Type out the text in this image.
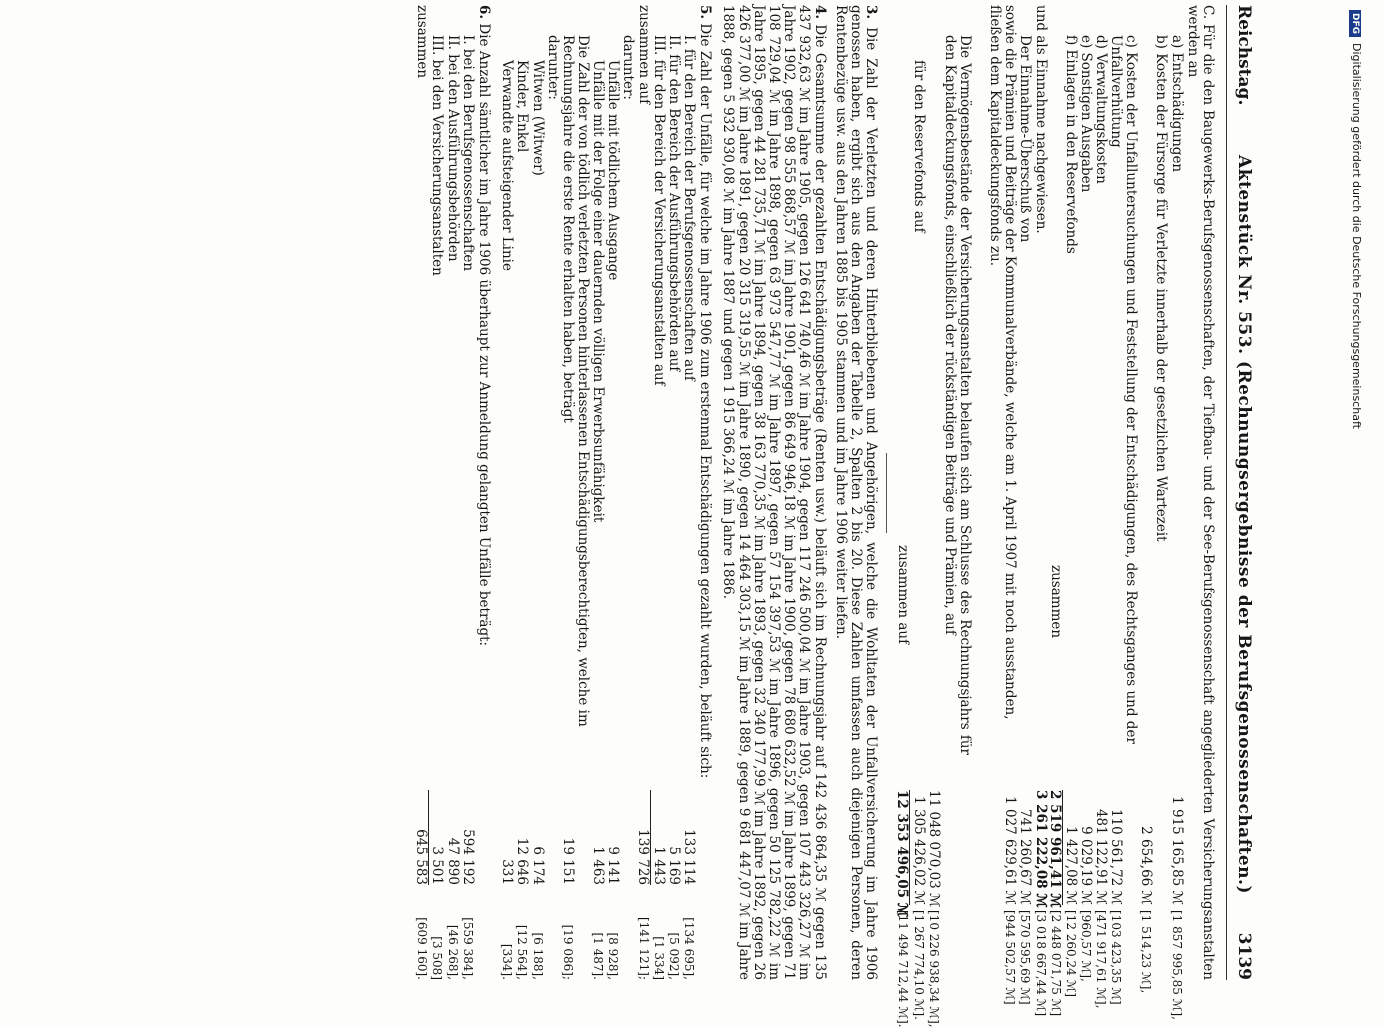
Reichstag.
Aktenstück Nr. 553. (Rechnungsergebnisse der Berufsgenossenschaften.)
3139

C. Für die den Baugewerks-Berufsgenossenschaften, der Tiefbau- und der See-Berufsgenossenschaft angegliederten Versicherungsanstalten werden an

a) Entschädigungen
1 915 165,85 ℳ
[1 857 995,85 ℳ],
b) Kosten der Fürsorge für Verletzte innerhalb der gesetzlichen Wartezeit
2 654,66 ℳ
[1 514,23 ℳ],
c) Kosten der Unfalluntersuchungen und Feststellung der Entschädigungen, des Rechtsganges und der Unfallverhütung
110 561,72 ℳ
[103 423,35 ℳ]
d) Verwaltungskosten
481 122,91 ℳ
[471 917,61 ℳ],
e) Sonstigen Ausgaben
9 029,19 ℳ
[960,57 ℳ],
f) Einlagen in den Reservefonds
1 427,08 ℳ
[12 260,24 ℳ]
zusammen
2 519 961,41 ℳ
[2 448 071,75 ℳ]
und als Einnahme nachgewiesen.
3 261 222,08 ℳ
[3 018 667,44 ℳ]
Der Einnahme-Überschuß von
741 260,67 ℳ
[570 595,69 ℳ]
sowie die Prämien und Beiträge der Kommunalverbände, welche am 1. April 1907 mit noch ausstanden, fließen dem Kapitaldeckungsfonds zu.
1 027 629,61 ℳ
[944 502,57 ℳ]

Die Vermögensbestände der Versicherungsanstalten belaufen sich am Schlusse des Rechnungsjahrs für den Kapitaldeckungsfonds, einschließlich der rückständigen Beiträge und Prämien, auf

11 048 070,03 ℳ
[10 226 938,34 ℳ],
für den Reservefonds auf
1 305 426,02 ℳ
[1 267 774,10 ℳ].
zusammen auf
12 353 496,05 ℳ
[11 494 712,44 ℳ].

3. Die Zahl der Verletzten und deren Hinterbliebenen und Angehörigen, welche die Wohltaten der Unfallversicherung im Jahre 1906 genossen haben, ergibt sich aus den Angaben der Tabelle 2, Spalten 2 bis 20. Diese Zahlen umfassen auch diejenigen Personen, deren Rentenbezüge usw. aus den Jahren 1885 bis 1905 stammen und im Jahre 1906 weiter liefen.

4. Die Gesamtsumme der gezahlten Entschädigungsbeträge (Renten usw.) beläuft sich im Rechnungsjahr auf 142 436 864,35 ℳ gegen 135 437 932,63 ℳ im Jahre 1905, gegen 126 641 740,46 ℳ im Jahre 1904, gegen 117 246 500,04 ℳ im Jahre 1903, gegen 107 443 326,27 ℳ im Jahre 1902, gegen 98 555 868,57 ℳ im Jahre 1901, gegen 86 649 946,18 ℳ im Jahre 1900, gegen 78 680 632,52 ℳ im Jahre 1899, gegen 71 108 729,04 ℳ im Jahre 1898, gegen 63 973 547,77 ℳ im Jahre 1897, gegen 57 154 397,53 ℳ im Jahre 1896, gegen 50 125 782,22 ℳ im Jahre 1895, gegen 44 281 735,71 ℳ im Jahre 1894, gegen 38 163 770,35 ℳ im Jahre 1893, gegen 32 340 177,99 ℳ im Jahre 1892, gegen 26 426 377,00 ℳ im Jahre 1891, gegen 20 315 319,55 ℳ im Jahre 1890, gegen 14 464 303,15 ℳ im Jahre 1889, gegen 9 681 447,07 ℳ im Jahre 1888, gegen 5 932 930,08 ℳ im Jahre 1887 und gegen 1 915 366,24 ℳ im Jahre 1886.

5. Die Zahl der Unfälle, für welche im Jahre 1906 zum erstenmal Entschädigungen gezahlt wurden, beläuft sich:

I. für den Bereich der Berufsgenossenschaften auf
133 114
[134 695],
II. für den Bereich der Ausführungsbehörden auf
5 169
[5 092],
III. für den Bereich der Versicherungsanstalten auf
1 443
[1 334]
zusammen auf
139 726
[141 121];
darunter:
Unfälle mit tödlichem Ausgange
9 141
[8 928],
Unfälle mit der Folge einer dauernden völligen Erwerbsunfähigkeit
1 463
[1 487].
Die Zahl der von tödlich verletzten Personen hinterlassenen Entschädigungsberechtigten, welche im Rechnungsjahre die erste Rente erhalten haben, beträgt
19 151
[19 086];
darunter:
Witwen (Witwer)
6 174
[6 188],
Kinder, Enkel
12 646
[12 564],
Verwandte aufsteigender Linie
331
[334].

6. Die Anzahl sämtlicher im Jahre 1906 überhaupt zur Anmeldung gelangten Unfälle beträgt:

I. bei den Berufsgenossenschaften
594 192
[559 384],
II. bei den Ausführungsbehörden
47 890
[46 268],
III. bei den Versicherungsanstalten
3 501
[3 508]
zusammen
645 583
[609 160].
DFGDigitalisierung gefördert durch die Deutsche Forschungsgemeinschaft
